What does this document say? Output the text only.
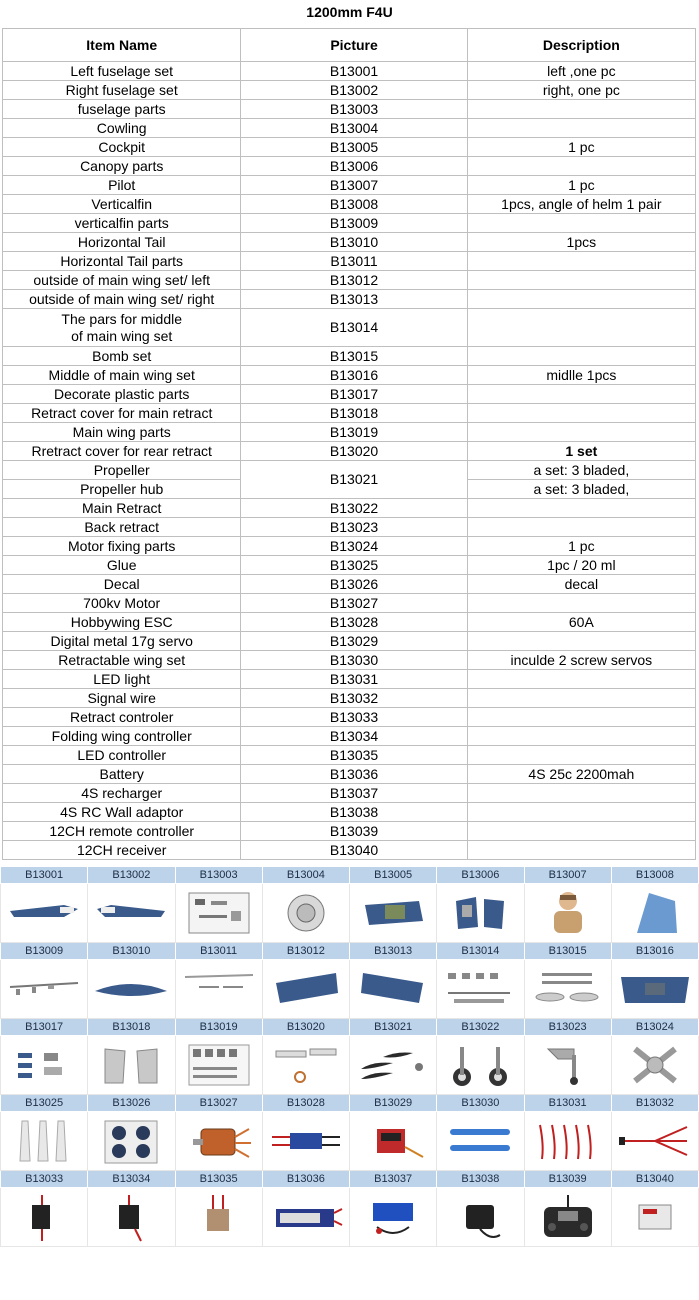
1200mm F4U
Item Name	Picture	Description
Left fuselage set	B13001	left ,one pc
Right fuselage set	B13002	right, one pc
fuselage parts	B13003	
Cowling	B13004	
Cockpit	B13005	1 pc
Canopy parts	B13006	
Pilot	B13007	1 pc
Verticalfin	B13008	1pcs, angle of helm 1 pair
verticalfin parts	B13009	
Horizontal Tail	B13010	1pcs
Horizontal Tail parts	B13011	
outside of main wing set/ left	B13012	
outside of main wing set/ right	B13013	

The pars for middle
of main wing set	B13014	
Bomb set	B13015	
Middle of main wing set	B13016	midlle 1pcs
Decorate plastic parts	B13017	
Retract cover for main retract	B13018	
Main wing parts	B13019	
Rretract cover for rear retract	B13020	1 set
Propeller	B13021	a set: 3 bladed,
Propeller hub		a set: 3 bladed,
Main Retract	B13022	
Back retract	B13023	
Motor fixing parts	B13024	1 pc
Glue	B13025	1pc / 20 ml
Decal	B13026	decal
700kv Motor	B13027	
Hobbywing ESC	B13028	60A
Digital metal 17g servo	B13029	
Retractable wing set	B13030	inculde 2 screw servos
LED light	B13031	
Signal wire	B13032	
Retract controler	B13033	
Folding wing controller	B13034	
LED controller	B13035	
Battery	B13036	4S 25c 2200mah
4S recharger	B13037	
4S RC Wall adaptor	B13038	
12CH remote controller	B13039	
12CH receiver	B13040	
B13001	B13002	B13003	B13004	B13005	B13006	B13007	B13008

B13009	B13010	B13011	B13012	B13013	B13014	B13015	B13016

B13017	B13018	B13019	B13020	B13021	B13022	B13023	B13024

B13025	B13026	B13027	B13028	B13029	B13030	B13031	B13032

B13033	B13034	B13035	B13036	B13037	B13038	B13039	B13040
